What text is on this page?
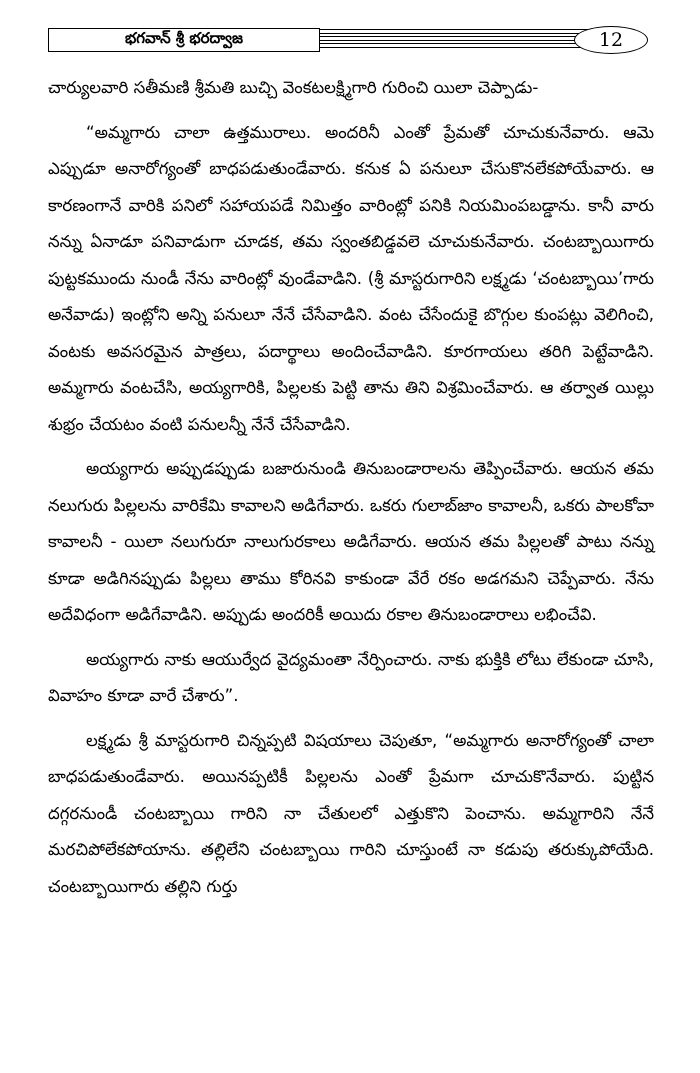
భగవాన్ శ్రీ భరద్వాజ	12

చార్యులవారి సతీమణి శ్రీమతి బుచ్చి వెంకటలక్ష్మిగారి గురించి యిలా చెప్పాడు-

“అమ్మగారు చాలా ఉత్తమురాలు. అందరినీ ఎంతో ప్రేమతో చూచుకునేవారు. ఆమె ఎప్పుడూ అనారోగ్యంతో బాధపడుతుండేవారు. కనుక ఏ పనులూ చేసుకొనలేకపోయేవారు. ఆ కారణంగానే వారికి పనిలో సహాయపడే నిమిత్తం వారింట్లో పనికి నియమింపబడ్డాను. కానీ వారు నన్ను ఏనాడూ పనివాడుగా చూడక, తమ స్వంతబిడ్డవలె చూచుకునేవారు. చంటబ్బాయిగారు పుట్టకముందు నుండీ నేను వారింట్లో వుండేవాడిని. (శ్రీ మాస్టరుగారిని లక్ష్మడు ‘చంటబ్బాయి’గారు అనేవాడు) ఇంట్లోని అన్ని పనులూ నేనే చేసేవాడిని. వంట చేసేందుకై బొగ్గుల కుంపట్లు వెలిగించి, వంటకు అవసరమైన పాత్రలు, పదార్థాలు అందించేవాడిని. కూరగాయలు తరిగి పెట్టేవాడిని. అమ్మగారు వంటచేసి, అయ్యగారికి, పిల్లలకు పెట్టి తాను తిని విశ్రమించేవారు. ఆ తర్వాత యిల్లు శుభ్రం చేయటం వంటి పనులన్నీ నేనే చేసేవాడిని.

అయ్యగారు అప్పుడప్పుడు బజారునుండి తినుబండారాలను తెప్పించేవారు. ఆయన తమ నలుగురు పిల్లలను వారికేమి కావాలని అడిగేవారు. ఒకరు గులాబ్‌జాం కావాలనీ, ఒకరు పాలకోవా కావాలనీ - యిలా నలుగురూ నాలుగురకాలు అడిగేవారు. ఆయన తమ పిల్లలతో పాటు నన్ను కూడా అడిగినప్పుడు పిల్లలు తాము కోరినవి కాకుండా వేరే రకం అడగమని చెప్పేవారు. నేను అదేవిధంగా అడిగేవాడిని. అప్పుడు అందరికీ అయిదు రకాల తినుబండారాలు లభించేవి.

అయ్యగారు నాకు ఆయుర్వేద వైద్యమంతా నేర్పించారు. నాకు భుక్తికి లోటు లేకుండా చూసి, వివాహం కూడా వారే చేశారు”.

లక్ష్మడు శ్రీ మాస్టరుగారి చిన్నప్పటి విషయాలు చెపుతూ, “అమ్మగారు అనారోగ్యంతో చాలా బాధపడుతుండేవారు. అయినప్పటికీ పిల్లలను ఎంతో ప్రేమగా చూచుకొనేవారు. పుట్టిన దగ్గరనుండీ చంటబ్బాయి గారిని నా చేతులలో ఎత్తుకొని పెంచాను. అమ్మగారిని నేనే మరచిపోలేకపోయాను. తల్లిలేని చంటబ్బాయి గారిని చూస్తుంటే నా కడుపు తరుక్కుపోయేది. చంటబ్బాయిగారు తల్లిని గుర్తు
